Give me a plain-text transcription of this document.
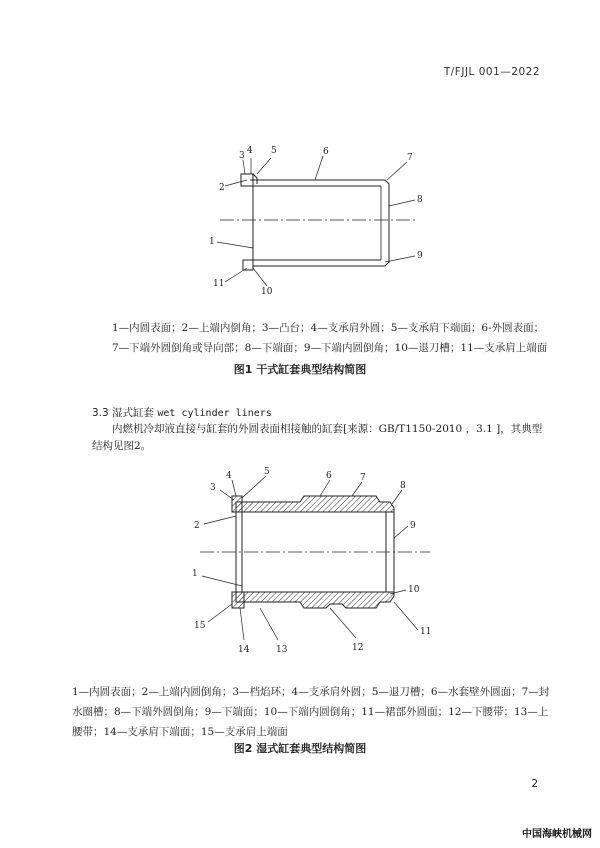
T/FJJL 001—2022
3 4 5	6
7
2
8
1
9
11
10
1—内圆表面；2—上端内倒角；3—凸台；4—支承肩外圆；5—支承肩下端面；6-外圆表面；
7—下端外圆倒角或导向部；8—下端面；9—下端内圆倒角；10—退刀槽；11—支承肩上端面
图1 干式缸套典型结构简图
3.3 湿式缸套 wet cylinder liners
内燃机冷却液直接与缸套的外圆表面相接触的缸套[来源：GB/T1150-2010 ，3.1 ]，其典型
结构见图2。
3
4	5	6	7
8
2	9
1
10
11
15
14	13	12
1—内圆表面；2—上端内圆倒角；3—档焰环；4—支承肩外圆；5—退刀槽；6—水套壁外圆面；7—封
水圈槽；8—下端外圆倒角；9—下端面；10—下端内圆倒角；11—裙部外圆面；12—下腰带；13—上
腰带；14—支承肩下端面；15—支承肩上端面
图2 湿式缸套典型结构简图
2
中国海峡机械网
